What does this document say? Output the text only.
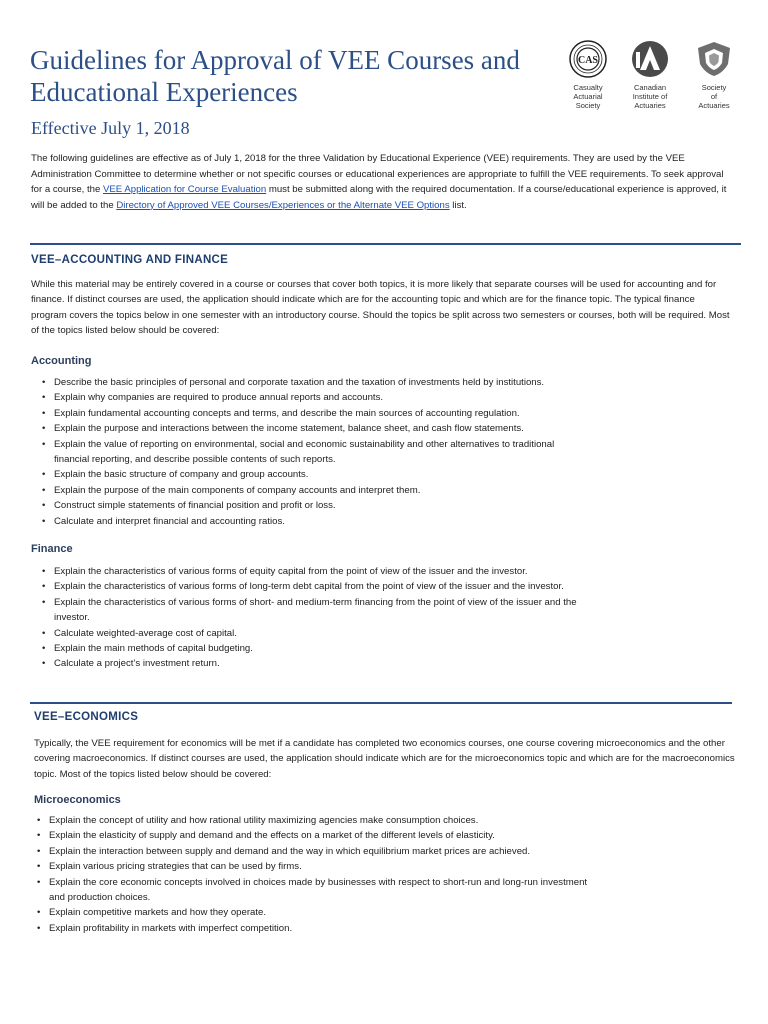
Guidelines for Approval of VEE Courses and Educational Experiences
Effective July 1, 2018
CAS
Casualty
Actuarial
Society
Canadian
Institute of
Actuaries
Society
of
Actuaries

The following guidelines are effective as of July 1, 2018 for the three Validation by Educational Experience (VEE) requirements. They are used by the VEE Administration Committee to determine whether or not specific courses or educational experiences are appropriate to fulfill the VEE requirements. To seek approval for a course, the VEE Application for Course Evaluation must be submitted along with the required documentation. If a course/educational experience is approved, it will be added to the Directory of Approved VEE Courses/Experiences or the Alternate VEE Options list.

VEE–ACCOUNTING AND FINANCE

While this material may be entirely covered in a course or courses that cover both topics, it is more likely that separate courses will be used for accounting and for finance. If distinct courses are used, the application should indicate which are for the accounting topic and which are for the finance topic. The typical finance program covers the topics below in one semester with an introductory course. Should the topics be split across two semesters or courses, both will be required. Most of the topics listed below should be covered:

Accounting
• Describe the basic principles of personal and corporate taxation and the taxation of investments held by institutions.
• Explain why companies are required to produce annual reports and accounts.
• Explain fundamental accounting concepts and terms, and describe the main sources of accounting regulation.
• Explain the purpose and interactions between the income statement, balance sheet, and cash flow statements.
• Explain the value of reporting on environmental, social and economic sustainability and other alternatives to traditional financial reporting, and describe possible contents of such reports.
• Explain the basic structure of company and group accounts.
• Explain the purpose of the main components of company accounts and interpret them.
• Construct simple statements of financial position and profit or loss.
• Calculate and interpret financial and accounting ratios.
Finance
• Explain the characteristics of various forms of equity capital from the point of view of the issuer and the investor.
• Explain the characteristics of various forms of long-term debt capital from the point of view of the issuer and the investor.
• Explain the characteristics of various forms of short- and medium-term financing from the point of view of the issuer and the investor.
• Calculate weighted-average cost of capital.
• Explain the main methods of capital budgeting.
• Calculate a project’s investment return.
VEE–ECONOMICS

Typically, the VEE requirement for economics will be met if a candidate has completed two economics courses, one course covering microeconomics and the other covering macroeconomics. If distinct courses are used, the application should indicate which are for the microeconomics topic and which are for the macroeconomics topic. Most of the topics listed below should be covered:

Microeconomics
• Explain the concept of utility and how rational utility maximizing agencies make consumption choices.
• Explain the elasticity of supply and demand and the effects on a market of the different levels of elasticity.
• Explain the interaction between supply and demand and the way in which equilibrium market prices are achieved.
• Explain various pricing strategies that can be used by firms.
• Explain the core economic concepts involved in choices made by businesses with respect to short-run and long-run investment and production choices.
• Explain competitive markets and how they operate.
• Explain profitability in markets with imperfect competition.
